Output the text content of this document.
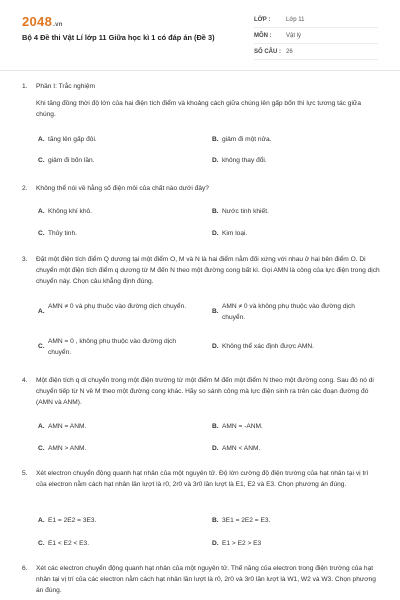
2048.vn
Bộ 4 Đề thi Vật Lí lớp 11 Giữa học kì 1 có đáp án (Đề 3)
LỚP :	Lớp 11
MÔN :	Vật lý
SỐ CÂU : 26
1. Phần I: Trắc nghiệm
Khi tăng đồng thời độ lớn của hai điện tích điểm và khoảng cách giữa chúng lên gấp bốn thì lực tương tác giữa chúng.
A. tăng lên gấp đôi.	B. giảm đi một nửa.
C. giảm đi bốn lần.	D. không thay đổi.
2. Không thể nói về hằng số điện môi của chất nào dưới đây?
A. Không khí khô.	B. Nước tinh khiết.
C. Thủy tinh.	D. Kim loại.
3. Đặt một điện tích điểm Q dương tại một điểm O, M và N là hai điểm nằm đối xứng với nhau ở hai bên điểm O. Di chuyển một điện tích điểm q dương từ M đến N theo một đường cong bất kì. Gọi AMN là công của lực điện trong dịch chuyển này. Chọn câu khẳng định đúng.
A.
AMN ≠ 0 và phụ thuộc vào đường dịch chuyển.
B.
AMN ≠ 0 và không phụ thuộc vào đường dịch chuyển.
C.
AMN = 0 , không phụ thuộc vào đường dịch chuyển.
D. Không thể xác định được AMN.
4. Một điện tích q di chuyển trong một điện trường từ một điểm M đến một điểm N theo một đường cong. Sau đó nó di chuyển tiếp từ N về M theo một đường cong khác. Hãy so sánh công mà lực điện sinh ra trên các đoạn đường đó (AMN và ANM).
A. AMN = ANM.	B. AMN = -ANM.
C. AMN > ANM.	D. AMN < ANM.
5. Xét electron chuyển động quanh hạt nhân của một nguyên tử. Độ lớn cường độ điện trường của hạt nhân tại vị trí của electron nằm cách hạt nhân lần lượt là r0, 2r0 và 3r0 lần lượt là E1, E2 và E3. Chọn phương án đúng.
A. E1 = 2E2 = 3E3.	B. 3E1 = 2E2 = E3.
C. E1 < E2 < E3.	D. E1 > E2 > E3
6. Xét các electron chuyển động quanh hạt nhân của một nguyên tử. Thế năng của electron trong điện trường của hạt nhân tại vị trí của các electron nằm cách hạt nhân lần lượt là r0, 2r0 và 3r0 lần lượt là W1, W2 và W3. Chọn phương án đúng.
